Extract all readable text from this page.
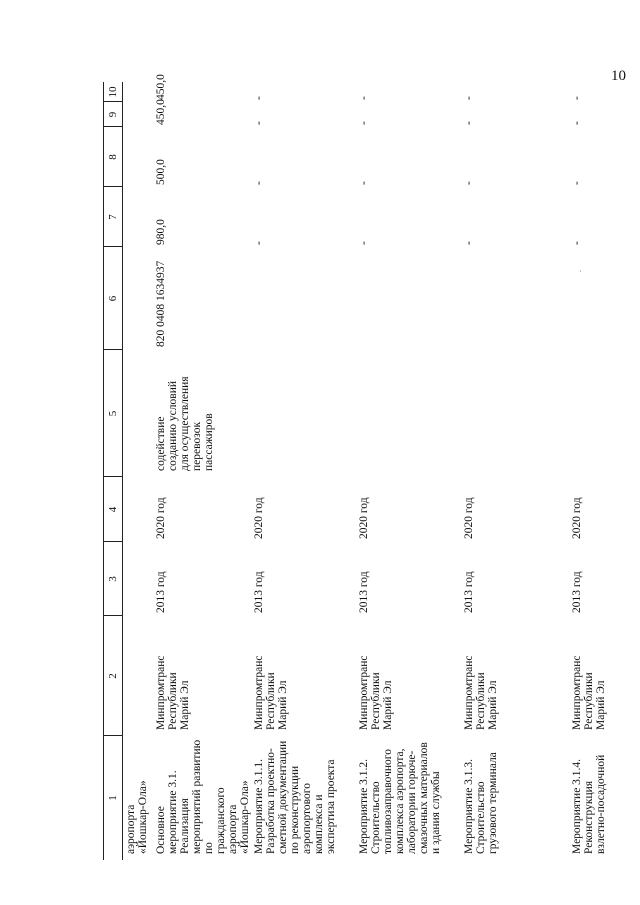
10
1
2
3
4
5
6
7
8
9
10
аэропорта
«Йошкар-Ола» Основное
мероприятие 3.1.
Реализация
мероприятий развитию
по
гражданского
аэропорта
«Йошкар-Ола»
Минпромтранс
Республики
Марий Эл
2013 год
2020 год
содействие
созданию условий
для осуществления
перевозок
пассажиров
820 0408 1634937
980,0
500,0
450,0
450,0
Мероприятие 3.1.1.
Разработка проектно-
сметной документации
по реконструкции
аэропортового
комплекса и
экспертиза проекта
Минпромтранс
Республики
Марий Эл
2013 год
2020 год
-
-
-
-
Мероприятие 3.1.2.
Строительство
топливозаправочного
комплекса аэропорта,
лаборатории горюче-
смазочных материалов
и здания службы
Минпромтранс
Республики
Марий Эл
2013 год
2020 год
-
-
-
-
Мероприятие 3.1.3.
Строительство
грузового терминала
Минпромтранс
Республики
Марий Эл
2013 год
2020 год
-
-
-
-
Мероприятие 3.1.4.
Реконструкция
взлетно-посадочной
Минпромтранс
Республики
Марий Эл
2013 год
2020 год
-
-
-
-
·
